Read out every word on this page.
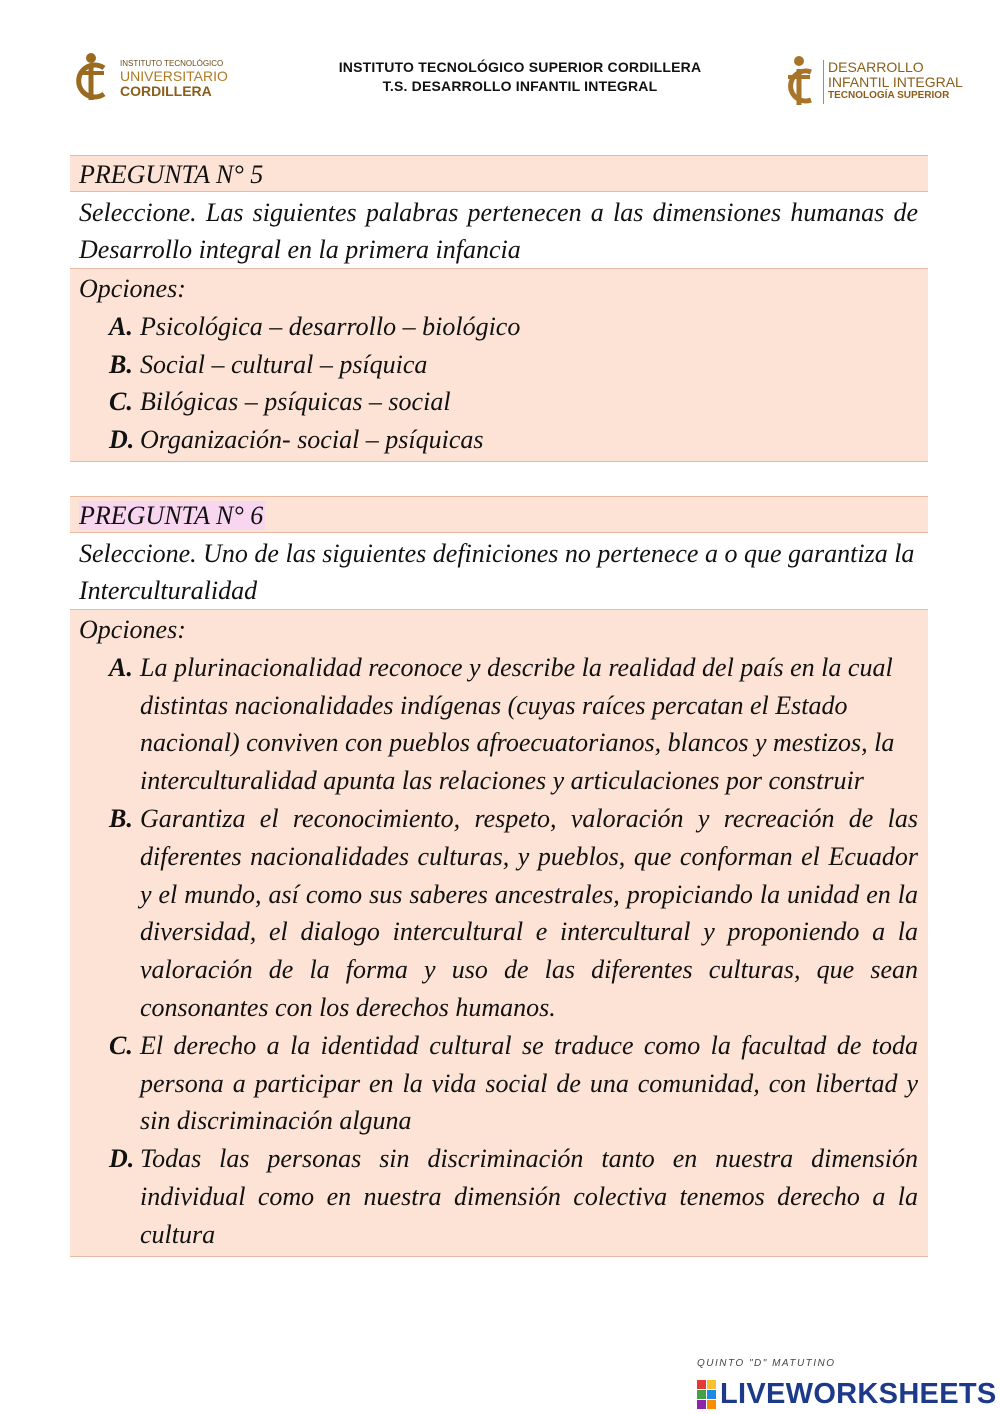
INSTITUTO TECNOLÓGICO
UNIVERSITARIO
CORDILLERA
INSTITUTO TECNOLÓGICO SUPERIOR CORDILLERA
T.S. DESARROLLO INFANTIL INTEGRAL
DESARROLLO
INFANTIL INTEGRAL
TECNOLOGÍA SUPERIOR
PREGUNTA N° 5
Seleccione. Las siguientes palabras pertenecen a las dimensiones humanas de Desarrollo integral en la primera infancia
Opciones:
A. Psicológica – desarrollo – biológico
B. Social – cultural – psíquica
C. Bilógicas – psíquicas – social
D. Organización- social – psíquicas
PREGUNTA N° 6
Seleccione. Uno de las siguientes definiciones no pertenece a o que garantiza la Interculturalidad
Opciones:
A. La plurinacionalidad reconoce y describe la realidad del país en la cual distintas nacionalidades indígenas (cuyas raíces percatan el Estado nacional) conviven con pueblos afroecuatorianos, blancos y mestizos, la interculturalidad apunta las relaciones y articulaciones por construir
B. Garantiza el reconocimiento, respeto, valoración y recreación de las diferentes nacionalidades culturas, y pueblos, que conforman el Ecuador y el mundo, así como sus saberes ancestrales, propiciando la unidad en la diversidad, el dialogo intercultural e intercultural y proponiendo a la valoración de la forma y uso de las diferentes culturas, que sean consonantes con los derechos humanos.
C. El derecho a la identidad cultural se traduce como la facultad de toda persona a participar en la vida social de una comunidad, con libertad y sin discriminación alguna
D. Todas las personas sin discriminación tanto en nuestra dimensión individual como en nuestra dimensión colectiva tenemos derecho a la cultura
QUINTO "D" MATUTINO
LIVEWORKSHEETS
